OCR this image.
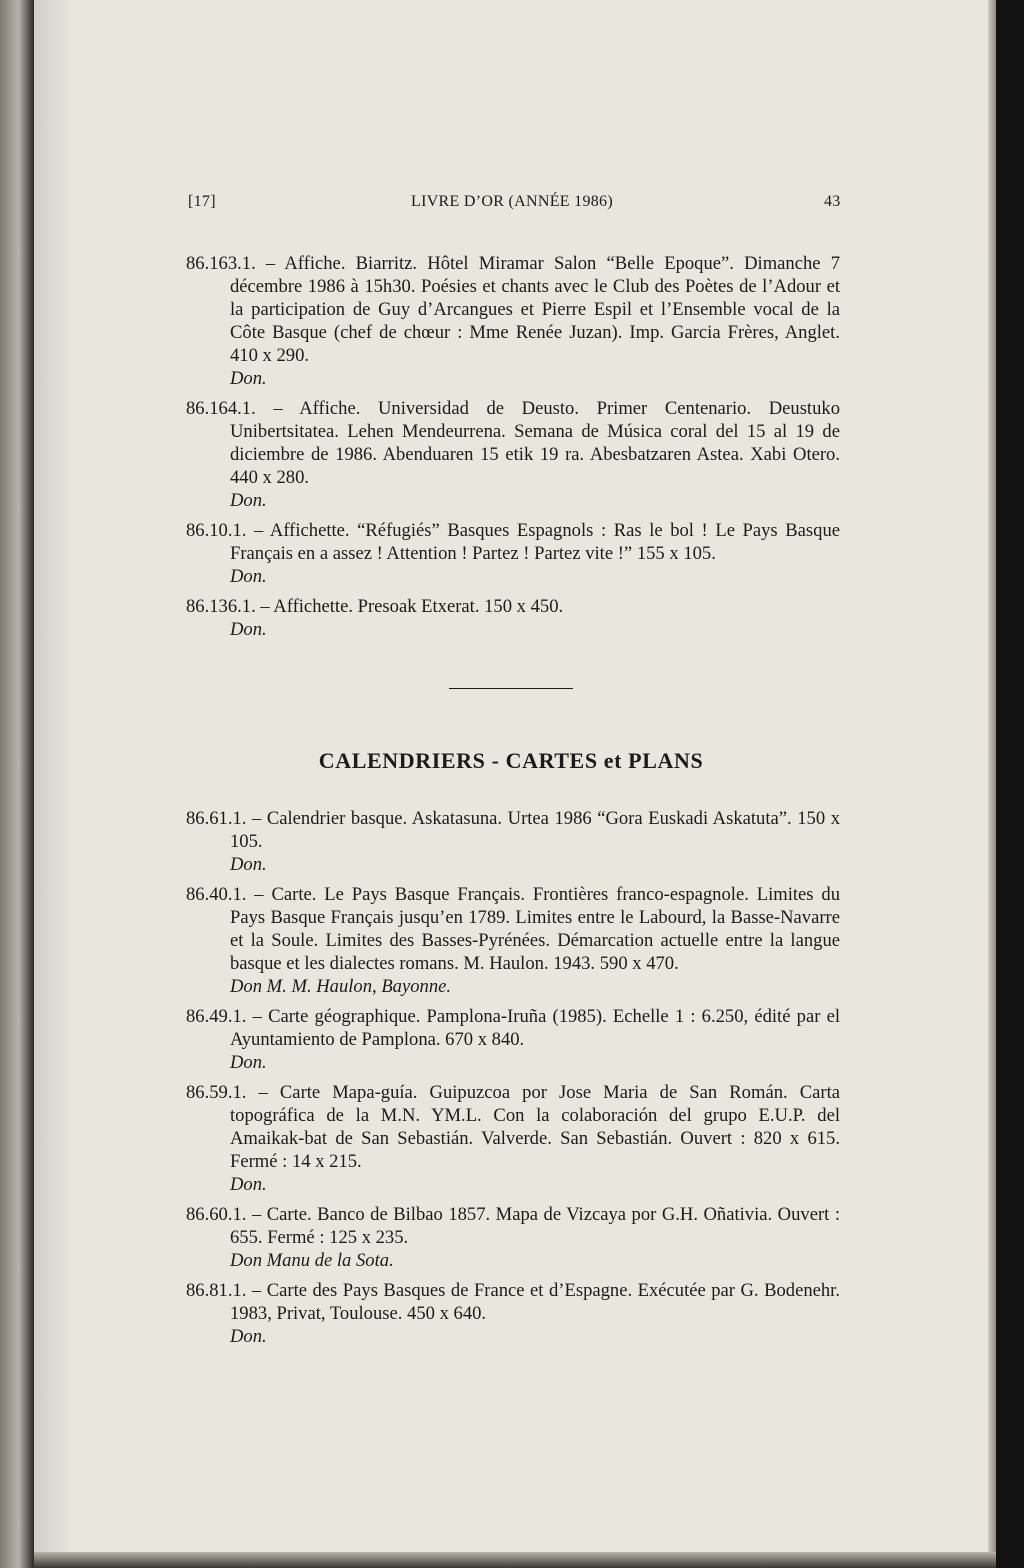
[17]	LIVRE D’OR (ANNÉE 1986)	43

86.163.1. – Affiche. Biarritz. Hôtel Miramar Salon “Belle Epoque”. Dimanche 7 décembre 1986 à 15h30. Poésies et chants avec le Club des Poètes de l’Adour et la participation de Guy d’Arcangues et Pierre Espil et l’Ensemble vocal de la Côte Basque (chef de chœur : Mme Renée Juzan). Imp. Garcia Frères, Anglet. 410 x 290.

Don.

86.164.1. – Affiche. Universidad de Deusto. Primer Centenario. Deustuko Unibertsitatea. Lehen Mendeurrena. Semana de Música coral del 15 al 19 de diciembre de 1986. Abenduaren 15 etik 19 ra. Abesbatzaren Astea. Xabi Otero. 440 x 280.

Don.

86.10.1. – Affichette. “Réfugiés” Basques Espagnols : Ras le bol ! Le Pays Basque Français en a assez ! Attention ! Partez ! Partez vite !” 155 x 105.

Don.

86.136.1. – Affichette. Presoak Etxerat. 150 x 450.

Don.
CALENDRIERS - CARTES et PLANS

86.61.1. – Calendrier basque. Askatasuna. Urtea 1986 “Gora Euskadi Askatuta”. 150 x 105.

Don.

86.40.1. – Carte. Le Pays Basque Français. Frontières franco-espagnole. Limites du Pays Basque Français jusqu’en 1789. Limites entre le Labourd, la Basse-Navarre et la Soule. Limites des Basses-Pyrénées. Démarcation actuelle entre la langue basque et les dialectes romans. M. Haulon. 1943. 590 x 470.

Don M. M. Haulon, Bayonne.

86.49.1. – Carte géographique. Pamplona-Iruña (1985). Echelle 1 : 6.250, édité par el Ayuntamiento de Pamplona. 670 x 840.

Don.

86.59.1. – Carte Mapa-guía. Guipuzcoa por Jose Maria de San Román. Carta topográfica de la M.N. YM.L. Con la colaboración del grupo E.U.P. del Amaikak-bat de San Sebastián. Valverde. San Sebastián. Ouvert : 820 x 615. Fermé : 14 x 215.

Don.

86.60.1. – Carte. Banco de Bilbao 1857. Mapa de Vizcaya por G.H. Oñativia. Ouvert : 655. Fermé : 125 x 235.

Don Manu de la Sota.

86.81.1. – Carte des Pays Basques de France et d’Espagne. Exécutée par G. Bodenehr. 1983, Privat, Toulouse. 450 x 640.

Don.
